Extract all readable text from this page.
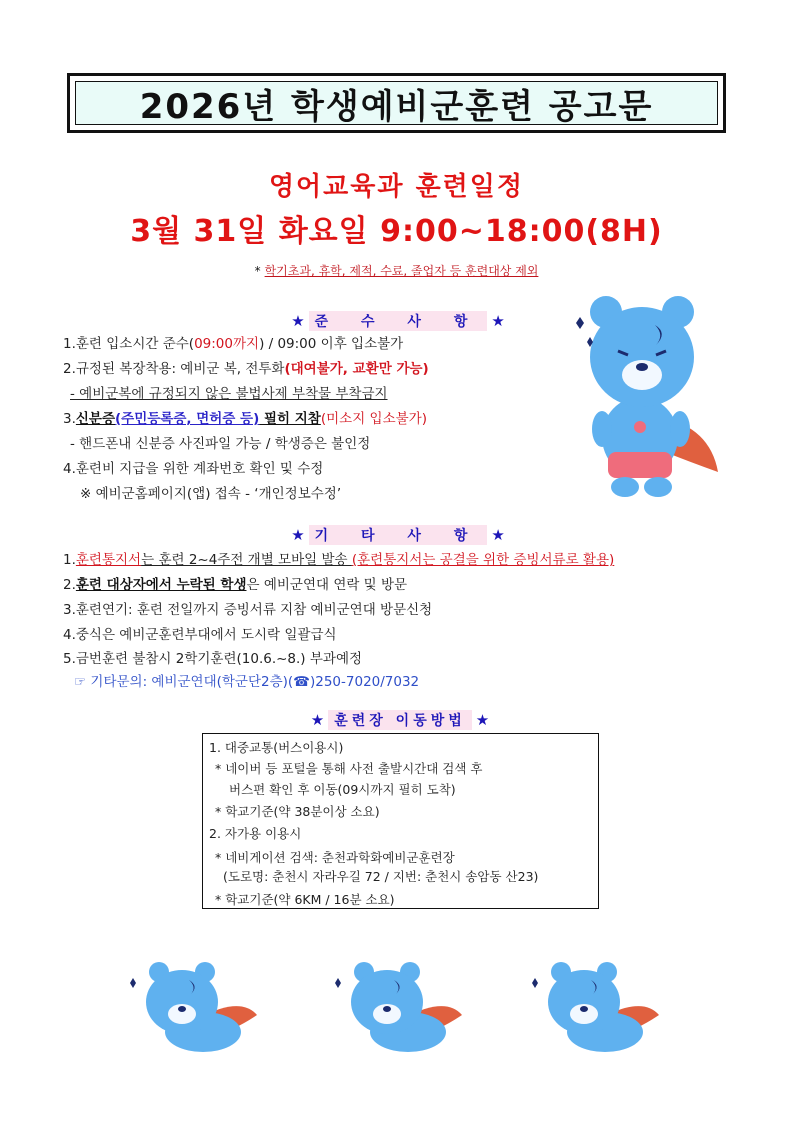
2026년 학생예비군훈련 공고문
영어교육과 훈련일정
3월 31일 화요일 9:00~18:00(8H)
* 학기초과, 휴학, 제적, 수료, 졸업자 등 훈련대상 제외
★ 준 수 사 항 ★
1.훈련 입소시간 준수(09:00까지) / 09:00 이후 입소불가
2.규정된 복장착용: 예비군 복, 전투화(대여불가, 교환만 가능)
- 예비군복에 규정되지 않은 불법사제 부착물 부착금지
3.신분증(주민등록증, 면허증 등) 필히 지참(미소지 입소불가)
- 핸드폰내 신분증 사진파일 가능 / 학생증은 불인정
4.훈련비 지급을 위한 계좌번호 확인 및 수정
※ 예비군홈페이지(앱) 접속 - ‘개인정보수정’
★ 기 타 사 항 ★
1.훈련통지서는 훈련 2~4주전 개별 모바일 발송 (훈련통지서는 공결을 위한 증빙서류로 활용)
2.훈련 대상자에서 누락된 학생은 예비군연대 연락 및 방문
3.훈련연기: 훈련 전일까지 증빙서류 지참 예비군연대 방문신청
4.중식은 예비군훈련부대에서 도시락 일괄급식
5.금번훈련 불참시 2학기훈련(10.6.~8.) 부과예정
☞ 기타문의: 예비군연대(학군단2층)(☎)250-7020/7032
★ 훈련장 이동방법 ★
1. 대중교통(버스이용시)
* 네이버 등 포털을 통해 사전 출발시간대 검색 후
버스편 확인 후 이동(09시까지 필히 도착)
* 학교기준(약 38분이상 소요)
2. 자가용 이용시
* 네비게이션 검색: 춘천과학화예비군훈련장
(도로명: 춘천시 자라우길 72 / 지번: 춘천시 송암동 산23)
* 학교기준(약 6KM / 16분 소요)
